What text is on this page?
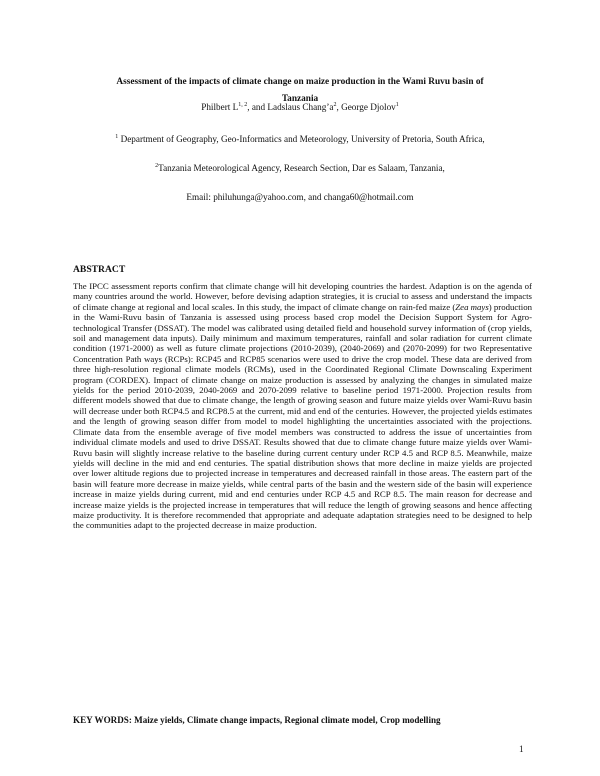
Assessment of the impacts of climate change on maize production in the Wami Ruvu basin of
Tanzania
Philbert L$^{1, 2}$, and Ladslaus $Chang’a^2$, George Djolov$^1$
$^1$ Department of Geography, Geo-Informatics and Meteorology, University of Pretoria, South Africa,
$^2$Tanzania Meteorological Agency, Research Section, Dar es Salaam, Tanzania,
Email: philuhunga@yahoo.com, and changa60@hotmail.com
ABSTRACT
The IPCC assessment reports confirm that climate change will hit developing countries the hardest. Adaption is on the agenda of many countries around the world. However, before devising adaption strategies, it is crucial to assess and understand the impacts of climate change at regional and local scales. In this study, the impact of climate change on rain-fed maize (Zea mays) production in the Wami-Ruvu basin of Tanzania is assessed using process based crop model the Decision Support System for Agro-technological Transfer (DSSAT). The model was calibrated using detailed field and household survey information of (crop yields, soil and management data inputs). Daily minimum and maximum temperatures, rainfall and solar radiation for current climate condition (1971-2000) as well as future climate projections (2010-2039), (2040-2069) and (2070-2099) for two Representative Concentration Path ways (RCPs): RCP45 and RCP85 scenarios were used to drive the crop model. These data are derived from three high-resolution regional climate models (RCMs), used in the Coordinated Regional Climate Downscaling Experiment program (CORDEX). Impact of climate change on maize production is assessed by analyzing the changes in simulated maize yields for the period 2010-2039, 2040-2069 and 2070-2099 relative to baseline period 1971-2000. Projection results from different models showed that due to climate change, the length of growing season and future maize yields over Wami-Ruvu basin will decrease under both RCP4.5 and RCP8.5 at the current, mid and end of the centuries. However, the projected yields estimates and the length of growing season differ from model to model highlighting the uncertainties associated with the projections. Climate data from the ensemble average of five model members was constructed to address the issue of uncertainties from individual climate models and used to drive DSSAT. Results showed that due to climate change future maize yields over Wami-Ruvu basin will slightly increase relative to the baseline during current century under RCP 4.5 and RCP 8.5. Meanwhile, maize yields will decline in the mid and end centuries. The spatial distribution shows that more decline in maize yields are projected over lower altitude regions due to projected increase in temperatures and decreased rainfall in those areas. The eastern part of the basin will feature more decrease in maize yields, while central parts of the basin and the western side of the basin will experience increase in maize yields during current, mid and end centuries under RCP 4.5 and RCP 8.5. The main reason for decrease and increase maize yields is the projected increase in temperatures that will reduce the length of growing seasons and hence affecting maize productivity. It is therefore recommended that appropriate and adequate adaptation strategies need to be designed to help the communities adapt to the projected decrease in maize production.
KEY WORDS: Maize yields, Climate change impacts, Regional climate model, Crop modelling
1
